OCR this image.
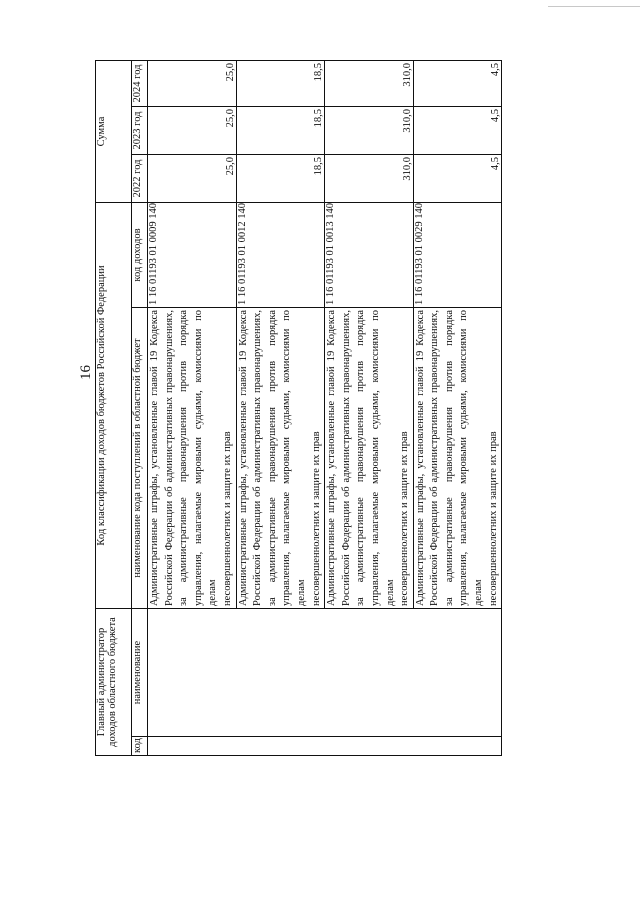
16
Главный администратор доходов областного бюджета		Код классификации доходов бюджетов Российской Федерации		Сумма		
код	наименование	наименование кода поступлений в областной бюджет	код доходов	2022 год	2023 год	2024 год
		Административные штрафы, установленные главой 19 Кодекса Российской Федерации об административных правонарушениях, за административные правонарушения против порядка управления, налагаемые мировыми судьями, комиссиями по делам несовершеннолетних и защите их прав	1 16 01193 01 0009 140	25,0	25,0	25,0
		Административные штрафы, установленные главой 19 Кодекса Российской Федерации об административных правонарушениях, за административные правонарушения против порядка управления, налагаемые мировыми судьями, комиссиями по делам несовершеннолетних и защите их прав	1 16 01193 01 0012 140	18,5	18,5	18,5
		Административные штрафы, установленные главой 19 Кодекса Российской Федерации об административных правонарушениях, за административные правонарушения против порядка управления, налагаемые мировыми судьями, комиссиями по делам несовершеннолетних и защите их прав	1 16 01193 01 0013 140	310,0	310,0	310,0
		Административные штрафы, установленные главой 19 Кодекса Российской Федерации об административных правонарушениях, за административные правонарушения против порядка управления, налагаемые мировыми судьями, комиссиями по делам несовершеннолетних и защите их прав	1 16 01193 01 0029 140	4,5	4,5	4,5
